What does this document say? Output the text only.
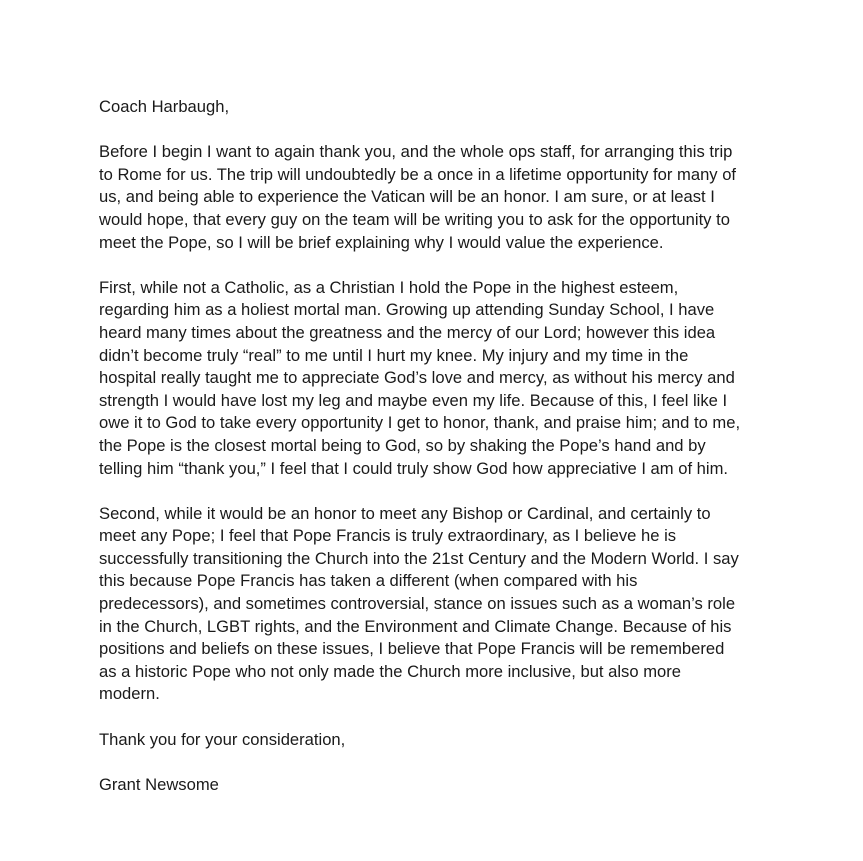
Coach Harbaugh,
Before I begin I want to again thank you, and the whole ops staff, for arranging this trip
to Rome for us. The trip will undoubtedly be a once in a lifetime opportunity for many of
us, and being able to experience the Vatican will be an honor. I am sure, or at least I
would hope, that every guy on the team will be writing you to ask for the opportunity to
meet the Pope, so I will be brief explaining why I would value the experience.
First, while not a Catholic, as a Christian I hold the Pope in the highest esteem,
regarding him as a holiest mortal man. Growing up attending Sunday School, I have
heard many times about the greatness and the mercy of our Lord; however this idea
didn’t become truly “real” to me until I hurt my knee. My injury and my time in the
hospital really taught me to appreciate God’s love and mercy, as without his mercy and
strength I would have lost my leg and maybe even my life. Because of this, I feel like I
owe it to God to take every opportunity I get to honor, thank, and praise him; and to me,
the Pope is the closest mortal being to God, so by shaking the Pope’s hand and by
telling him “thank you,” I feel that I could truly show God how appreciative I am of him.
Second, while it would be an honor to meet any Bishop or Cardinal, and certainly to
meet any Pope; I feel that Pope Francis is truly extraordinary, as I believe he is
successfully transitioning the Church into the 21st Century and the Modern World. I say
this because Pope Francis has taken a different (when compared with his
predecessors), and sometimes controversial, stance on issues such as a woman’s role
in the Church, LGBT rights, and the Environment and Climate Change. Because of his
positions and beliefs on these issues, I believe that Pope Francis will be remembered
as a historic Pope who not only made the Church more inclusive, but also more
modern.
Thank you for your consideration,
Grant Newsome
